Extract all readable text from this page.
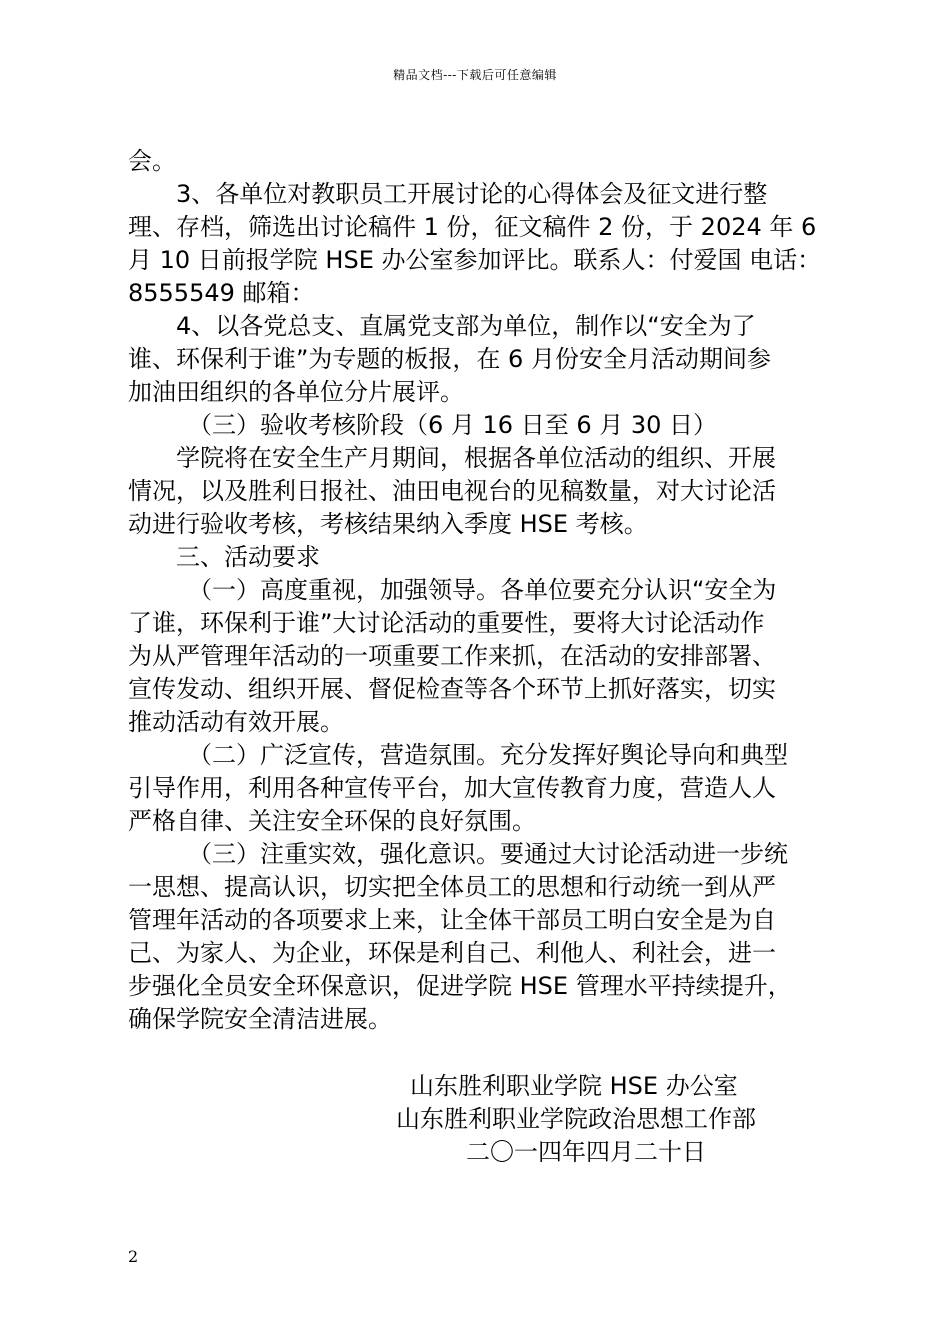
精品文档---下载后可任意编辑
会。
3、各单位对教职员工开展讨论的心得体会及征文进行整
理、存档，筛选出讨论稿件 1 份，征文稿件 2 份，于 2024 年 6
月 10 日前报学院 HSE 办公室参加评比。联系人：付爱国 电话：
8555549 邮箱：
4、以各党总支、直属党支部为单位，制作以“安全为了
谁、环保利于谁”为专题的板报，在 6 月份安全月活动期间参
加油田组织的各单位分片展评。
（三）验收考核阶段（6 月 16 日至 6 月 30 日）
学院将在安全生产月期间，根据各单位活动的组织、开展
情况，以及胜利日报社、油田电视台的见稿数量，对大讨论活
动进行验收考核，考核结果纳入季度 HSE 考核。
三、活动要求
（一）高度重视，加强领导。各单位要充分认识“安全为
了谁，环保利于谁”大讨论活动的重要性，要将大讨论活动作
为从严管理年活动的一项重要工作来抓，在活动的安排部署、
宣传发动、组织开展、督促检查等各个环节上抓好落实，切实
推动活动有效开展。
（二）广泛宣传，营造氛围。充分发挥好舆论导向和典型
引导作用，利用各种宣传平台，加大宣传教育力度，营造人人
严格自律、关注安全环保的良好氛围。
（三）注重实效，强化意识。要通过大讨论活动进一步统
一思想、提高认识，切实把全体员工的思想和行动统一到从严
管理年活动的各项要求上来，让全体干部员工明白安全是为自
己、为家人、为企业，环保是利自己、利他人、利社会，进一
步强化全员安全环保意识，促进学院 HSE 管理水平持续提升，
确保学院安全清洁进展。
山东胜利职业学院 HSE 办公室
山东胜利职业学院政治思想工作部
二〇一四年四月二十日
2
